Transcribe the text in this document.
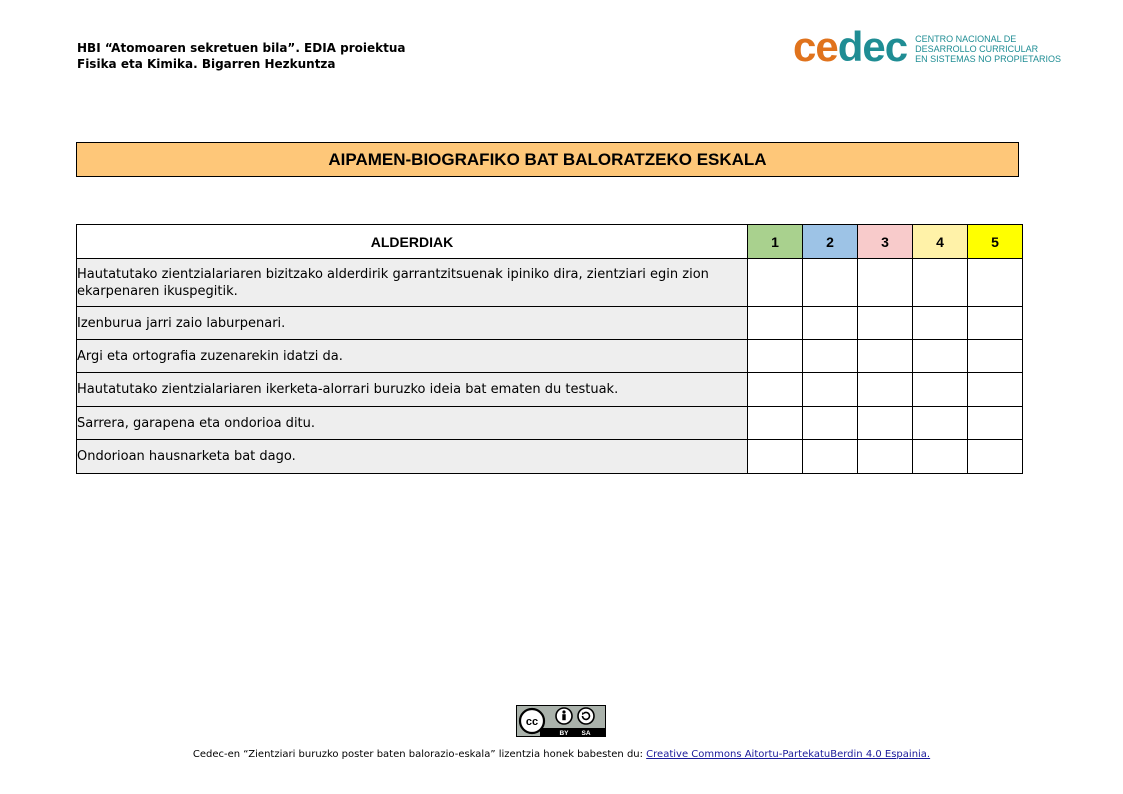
HBI “Atomoaren sekretuen bila”. EDIA proiektua
Fisika eta Kimika. Bigarren Hezkuntza	cedec CENTRO NACIONAL DE
DESARROLLO CURRICULAR
EN SISTEMAS NO PROPIETARIOS
AIPAMEN-BIOGRAFIKO BAT BALORATZEKO ESKALA
ALDERDIAK	1	2	3	4	5
Hautatutako zientzialariaren bizitzako alderdirik garrantzitsuenak ipiniko dira, zientziari egin zion ekarpenaren ikuspegitik.					
Izenburua jarri zaio laburpenari.					
Argi eta ortografia zuzenarekin idatzi da.					
Hautatutako zientzialariaren ikerketa-alorrari buruzko ideia bat ematen du testuak.					
Sarrera, garapena eta ondorioa ditu.					
Ondorioan hausnarketa bat dago.					
cc
BY SA
Cedec-en “Zientziari buruzko poster baten balorazio-eskala” lizentzia honek babesten du: Creative Commons Aitortu-PartekatuBerdin 4.0 Espainia.
